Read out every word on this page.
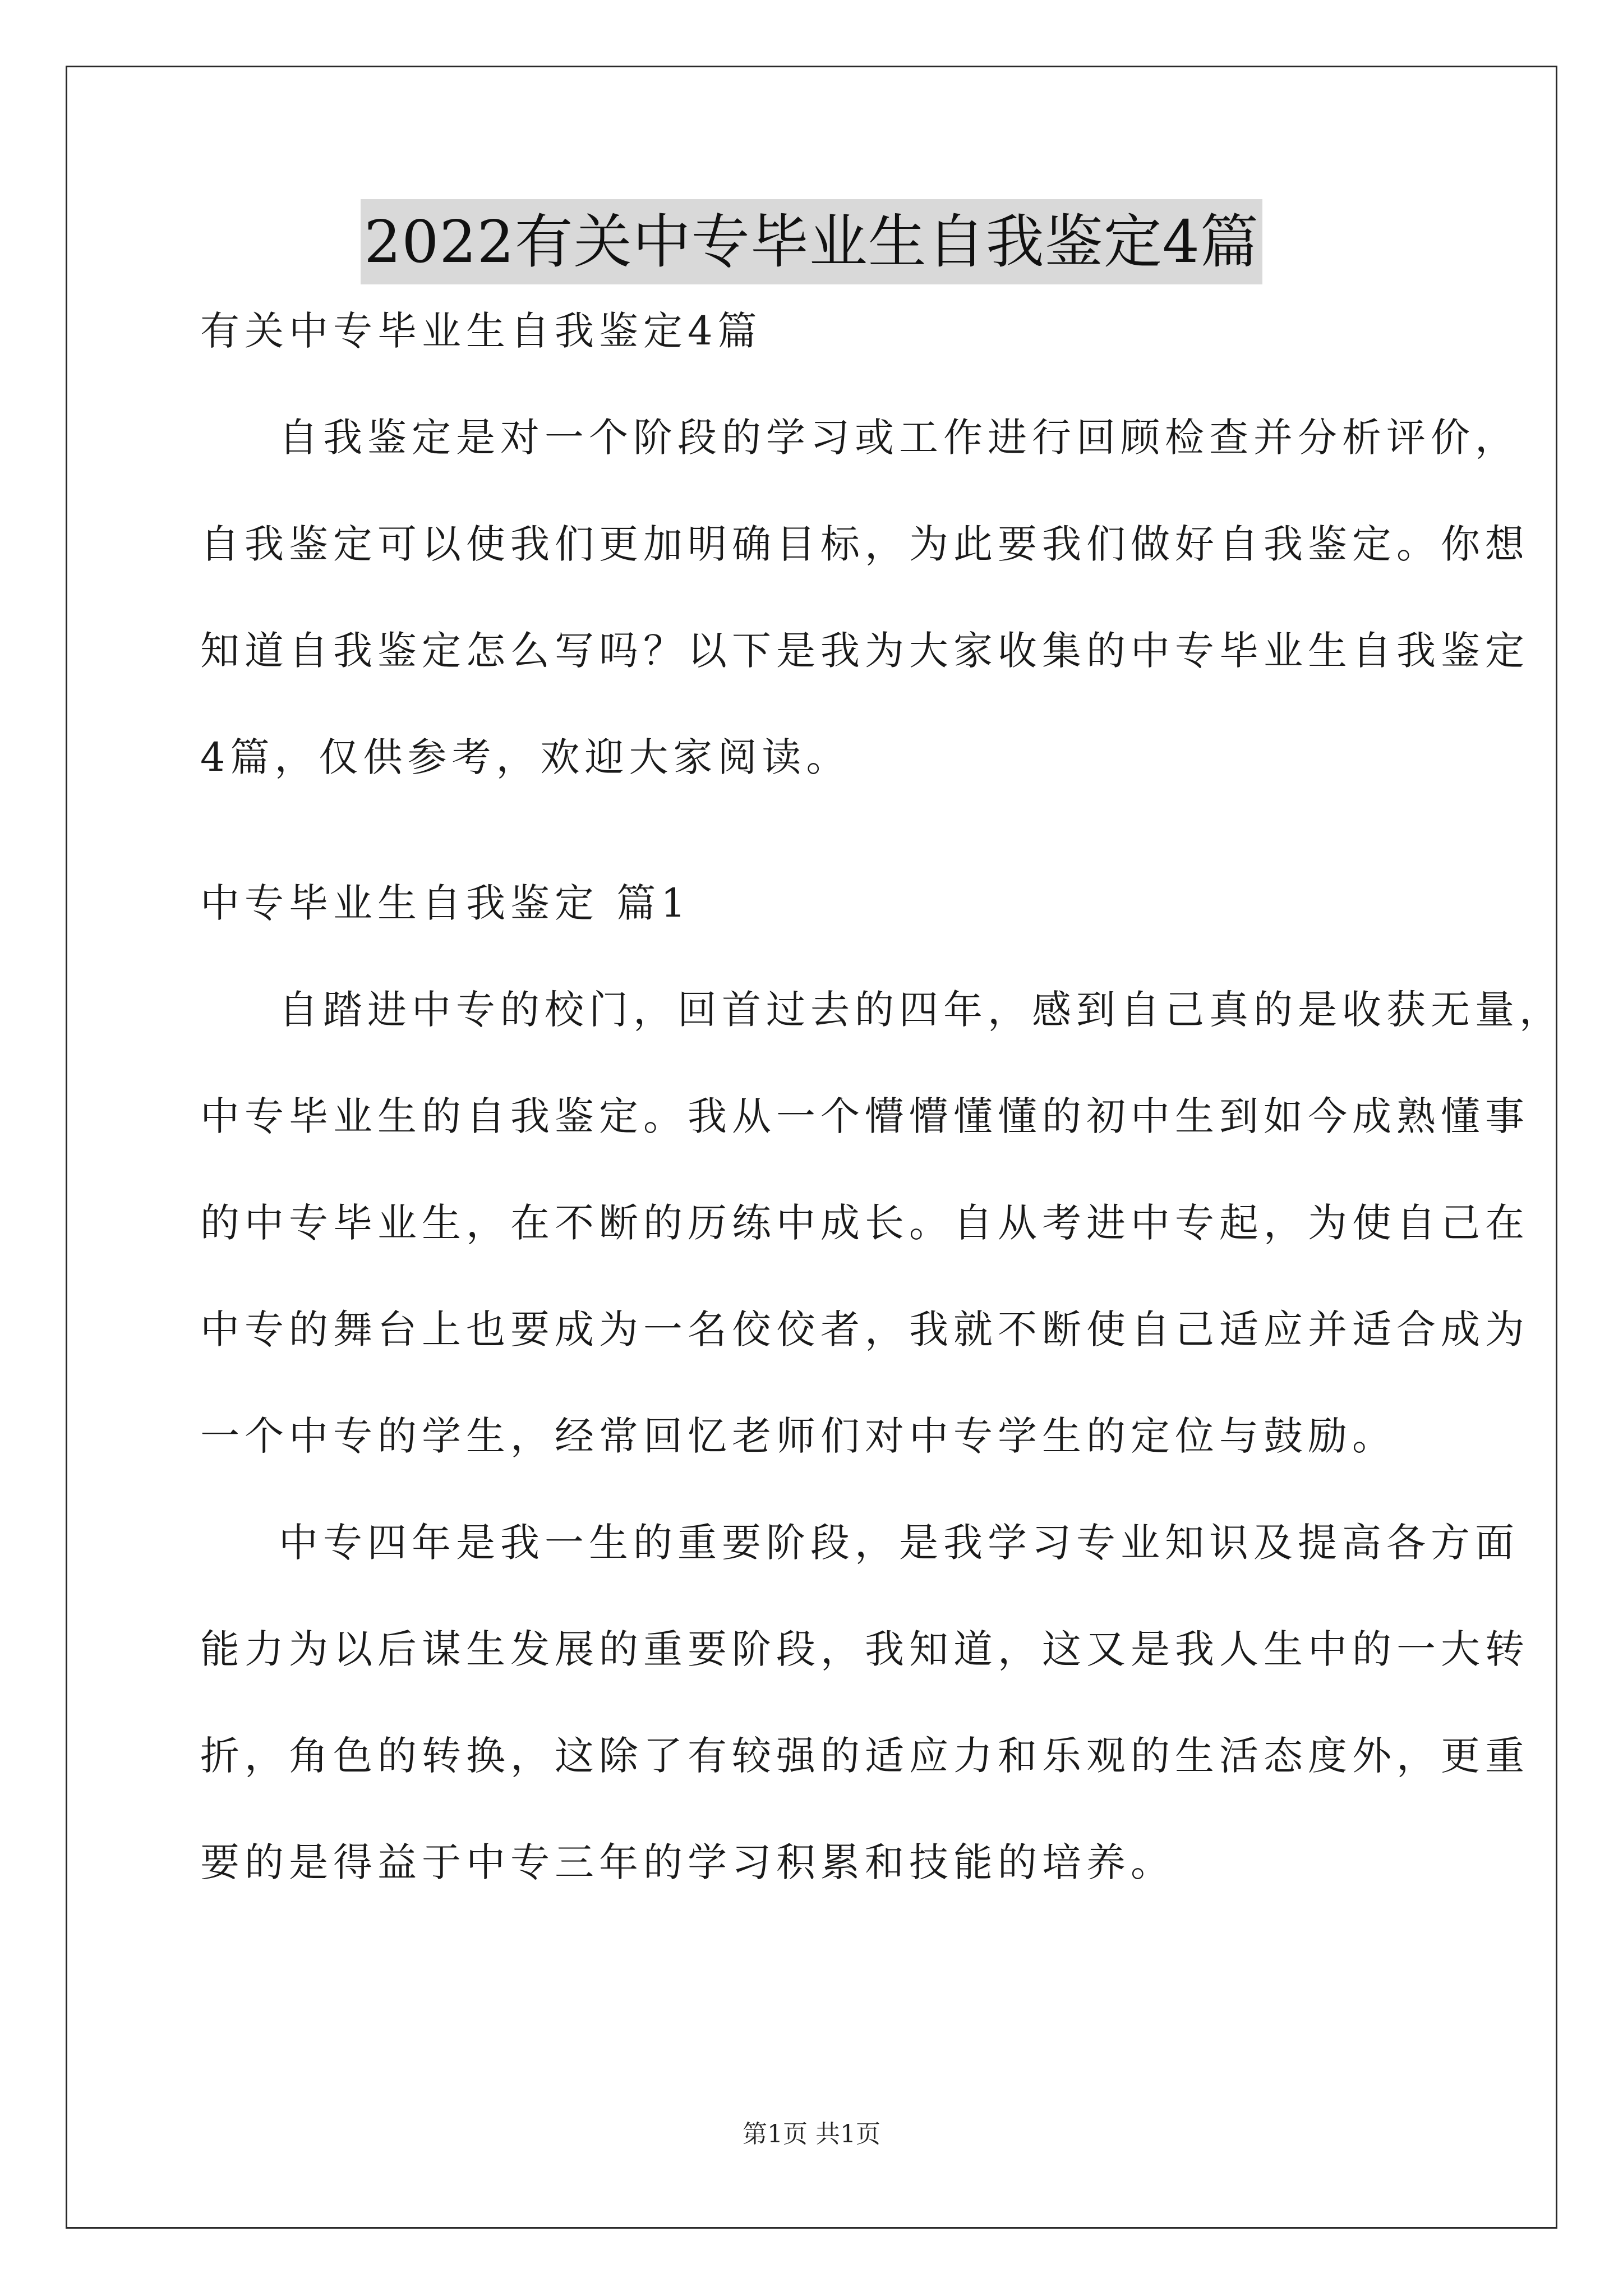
2022有关中专毕业生自我鉴定4篇
有关中专毕业生自我鉴定4篇
自我鉴定是对一个阶段的学习或工作进行回顾检查并分析评价，
自我鉴定可以使我们更加明确目标，为此要我们做好自我鉴定。你想
知道自我鉴定怎么写吗？以下是我为大家收集的中专毕业生自我鉴定
4篇，仅供参考，欢迎大家阅读。
中专毕业生自我鉴定 篇1
自踏进中专的校门，回首过去的四年，感到自己真的是收获无量，
中专毕业生的自我鉴定。我从一个懵懵懂懂的初中生到如今成熟懂事
的中专毕业生，在不断的历练中成长。自从考进中专起，为使自己在
中专的舞台上也要成为一名佼佼者，我就不断使自己适应并适合成为
一个中专的学生，经常回忆老师们对中专学生的定位与鼓励。
中专四年是我一生的重要阶段，是我学习专业知识及提高各方面
能力为以后谋生发展的重要阶段，我知道，这又是我人生中的一大转
折，角色的转换，这除了有较强的适应力和乐观的生活态度外，更重
要的是得益于中专三年的学习积累和技能的培养。
第1页 共1页
